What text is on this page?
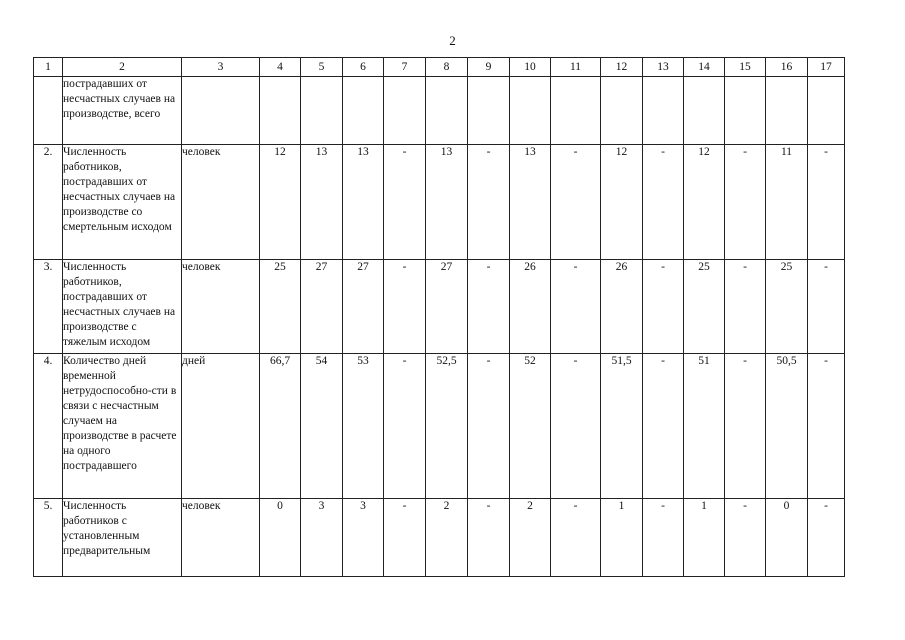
2
1	2	3	4	5	6	7	8	9	10	11	12	13	14	15	16	17
	пострадавших от несчастных случаев на производстве, всего															
2.	Численность работников, пострадавших от несчастных случаев на производстве со смертельным исходом	человек	12	13	13	-	13	-	13	-	12	-	12	-	11	-
3.	Численность работников, пострадавших от несчастных случаев на производстве с тяжелым исходом	человек	25	27	27	-	27	-	26	-	26	-	25	-	25	-
4.	Количество дней временной нетрудоспособно-сти в связи с несчастным случаем на производстве в расчете на одного пострадавшего	дней	66,7	54	53	-	52,5	-	52	-	51,5	-	51	-	50,5	-
5.	Численность работников с установленным предварительным	человек	0	3	3	-	2	-	2	-	1	-	1	-	0	-
